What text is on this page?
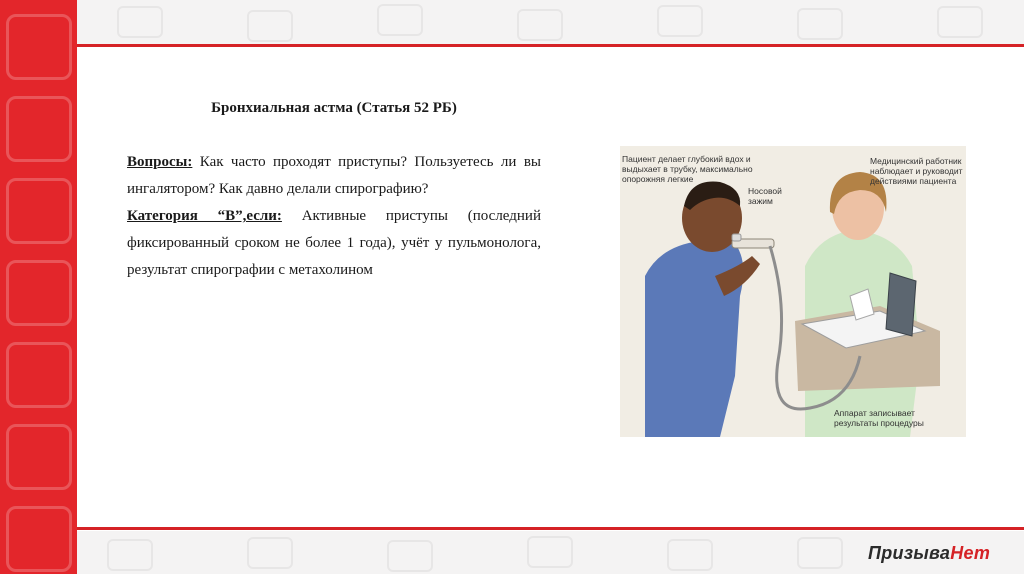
Бронхиальная астма (Статья 52 РБ)

Вопросы: Как часто проходят приступы? Пользуетесь ли вы ингалятором? Как давно делали спирографию?

Категория “В”,если: Активные приступы (последний фиксированный сроком не более 1 года), учёт у пульмонолога, результат спирографии с метахолином

Пациент делает глубокий вдох и выдыхает в трубку, максимально опорожняя легкие
Носовой зажим
Медицинский работник наблюдает и руководит действиями пациента
Аппарат записывает результаты процедуры
ПризываНет
